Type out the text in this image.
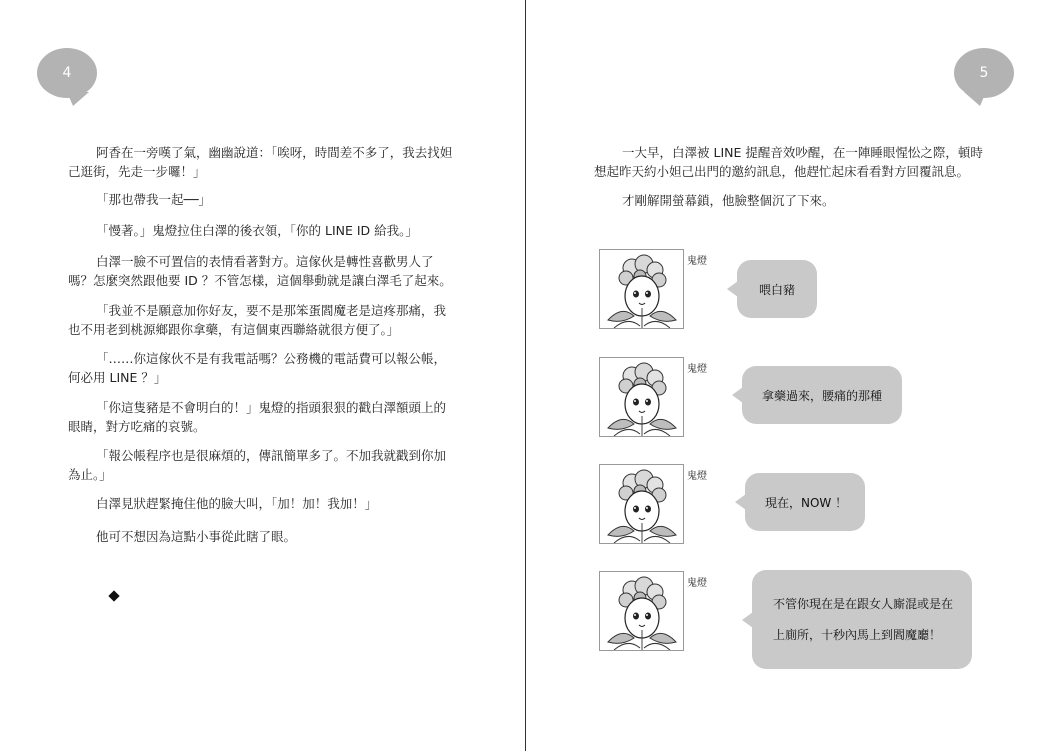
4

阿香在一旁嘆了氣，幽幽說道：「唉呀，時間差不多了，我去找妲己逛街，先走一步囉！」

「那也帶我一起──」

「慢著。」鬼燈拉住白澤的後衣領，「你的 LINE ID 給我。」

白澤一臉不可置信的表情看著對方。這傢伙是轉性喜歡男人了嗎？怎麼突然跟他要 ID ？不管怎樣，這個舉動就是讓白澤毛了起來。

「我並不是願意加你好友，要不是那笨蛋閻魔老是這疼那痛，我也不用老到桃源鄉跟你拿藥，有這個東西聯絡就很方便了。」

「……你這傢伙不是有我電話嗎？公務機的電話費可以報公帳，何必用 LINE ？」

「你這隻豬是不會明白的！」鬼燈的指頭狠狠的戳白澤額頭上的眼睛，對方吃痛的哀號。

「報公帳程序也是很麻煩的，傳訊簡單多了。不加我就戳到你加為止。」

白澤見狀趕緊掩住他的臉大叫，「加！加！我加！」

他可不想因為這點小事從此瞎了眼。

5

一大早，白澤被 LINE 提醒音效吵醒，在一陣睡眼惺忪之際，頓時想起昨天約小妲己出門的邀約訊息，他趕忙起床看看對方回覆訊息。

才剛解開螢幕鎖，他臉整個沉了下來。

鬼燈
喂白豬
鬼燈
拿藥過來，腰痛的那種
鬼燈
現在，NOW ！
鬼燈
不管你現在是在跟女人廝混或是在
上廁所，十秒內馬上到閻魔廳！
